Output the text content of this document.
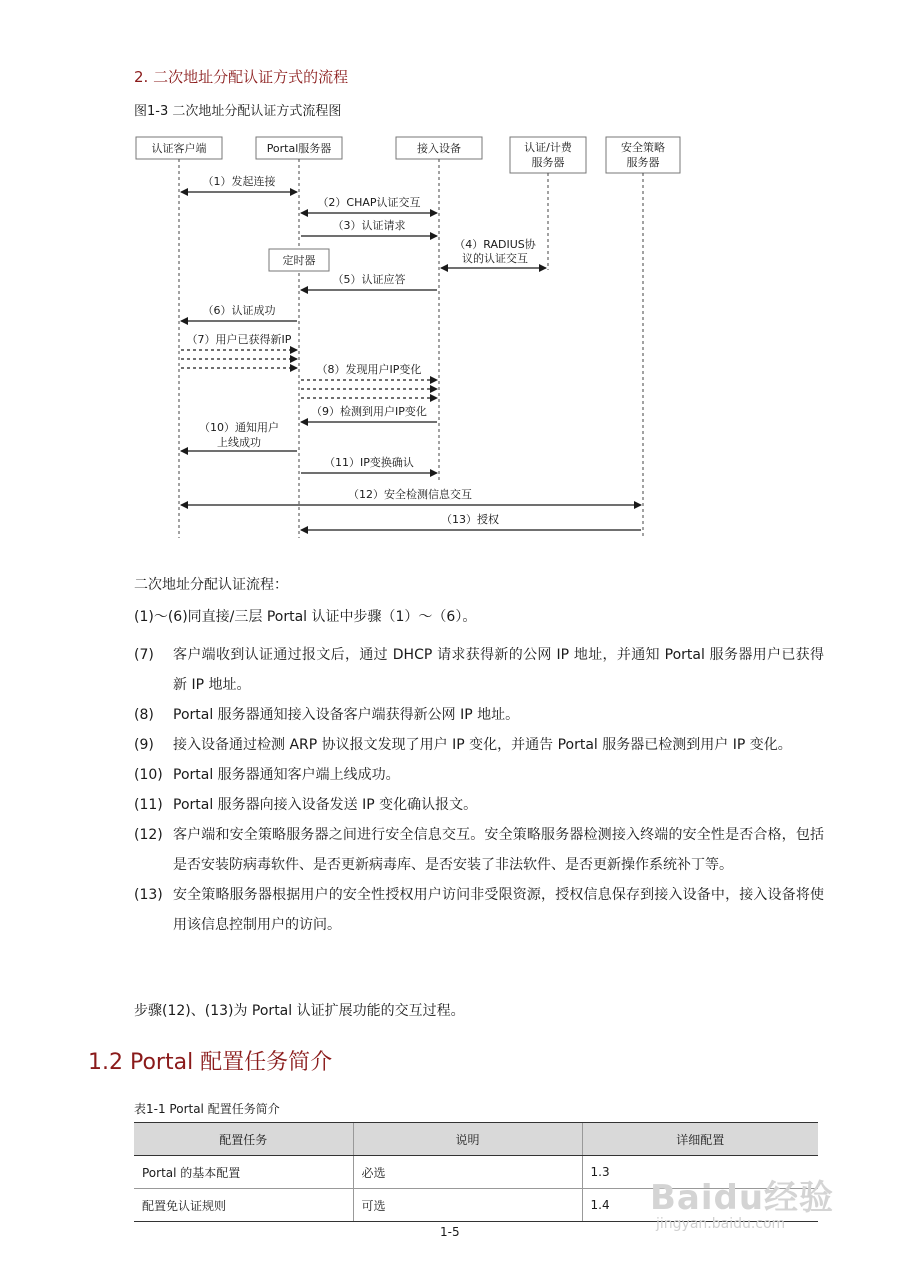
2. 二次地址分配认证方式的流程
图1-3 二次地址分配认证方式流程图
认证客户端	Portal服务器	接入设备	认证/计费
服务器
安全策略
服务器
定时器
（1）发起连接
（2）CHAP认证交互
（3）认证请求
（4）RADIUS协
议的认证交互
（5）认证应答
（6）认证成功
（7）用户已获得新IP
（8）发现用户IP变化
（9）检测到用户IP变化
（10）通知用户
上线成功
（11）IP变换确认
（12）安全检测信息交互
（13）授权
二次地址分配认证流程：
(1)～(6)同直接/三层 Portal 认证中步骤（1）～（6）。
(7)	客户端收到认证通过报文后，通过 DHCP 请求获得新的公网 IP 地址，并通知 Portal 服务器用户已获得新 IP 地址。
(8)	Portal 服务器通知接入设备客户端获得新公网 IP 地址。
(9)	接入设备通过检测 ARP 协议报文发现了用户 IP 变化，并通告 Portal 服务器已检测到用户 IP 变化。
(10) Portal 服务器通知客户端上线成功。
(11) Portal 服务器向接入设备发送 IP 变化确认报文。
(12) 客户端和安全策略服务器之间进行安全信息交互。安全策略服务器检测接入终端的安全性是否合格，包括是否安装防病毒软件、是否更新病毒库、是否安装了非法软件、是否更新操作系统补丁等。
(13) 安全策略服务器根据用户的安全性授权用户访问非受限资源，授权信息保存到接入设备中，接入设备将使用该信息控制用户的访问。
步骤(12)、(13)为 Portal 认证扩展功能的交互过程。
1.2 Portal 配置任务简介
表1-1 Portal 配置任务简介
配置任务	说明	详细配置
Portal 的基本配置	必选	1.3
配置免认证规则	可选	1.4
1-5
Baidu经验
jingyan.baidu.com
